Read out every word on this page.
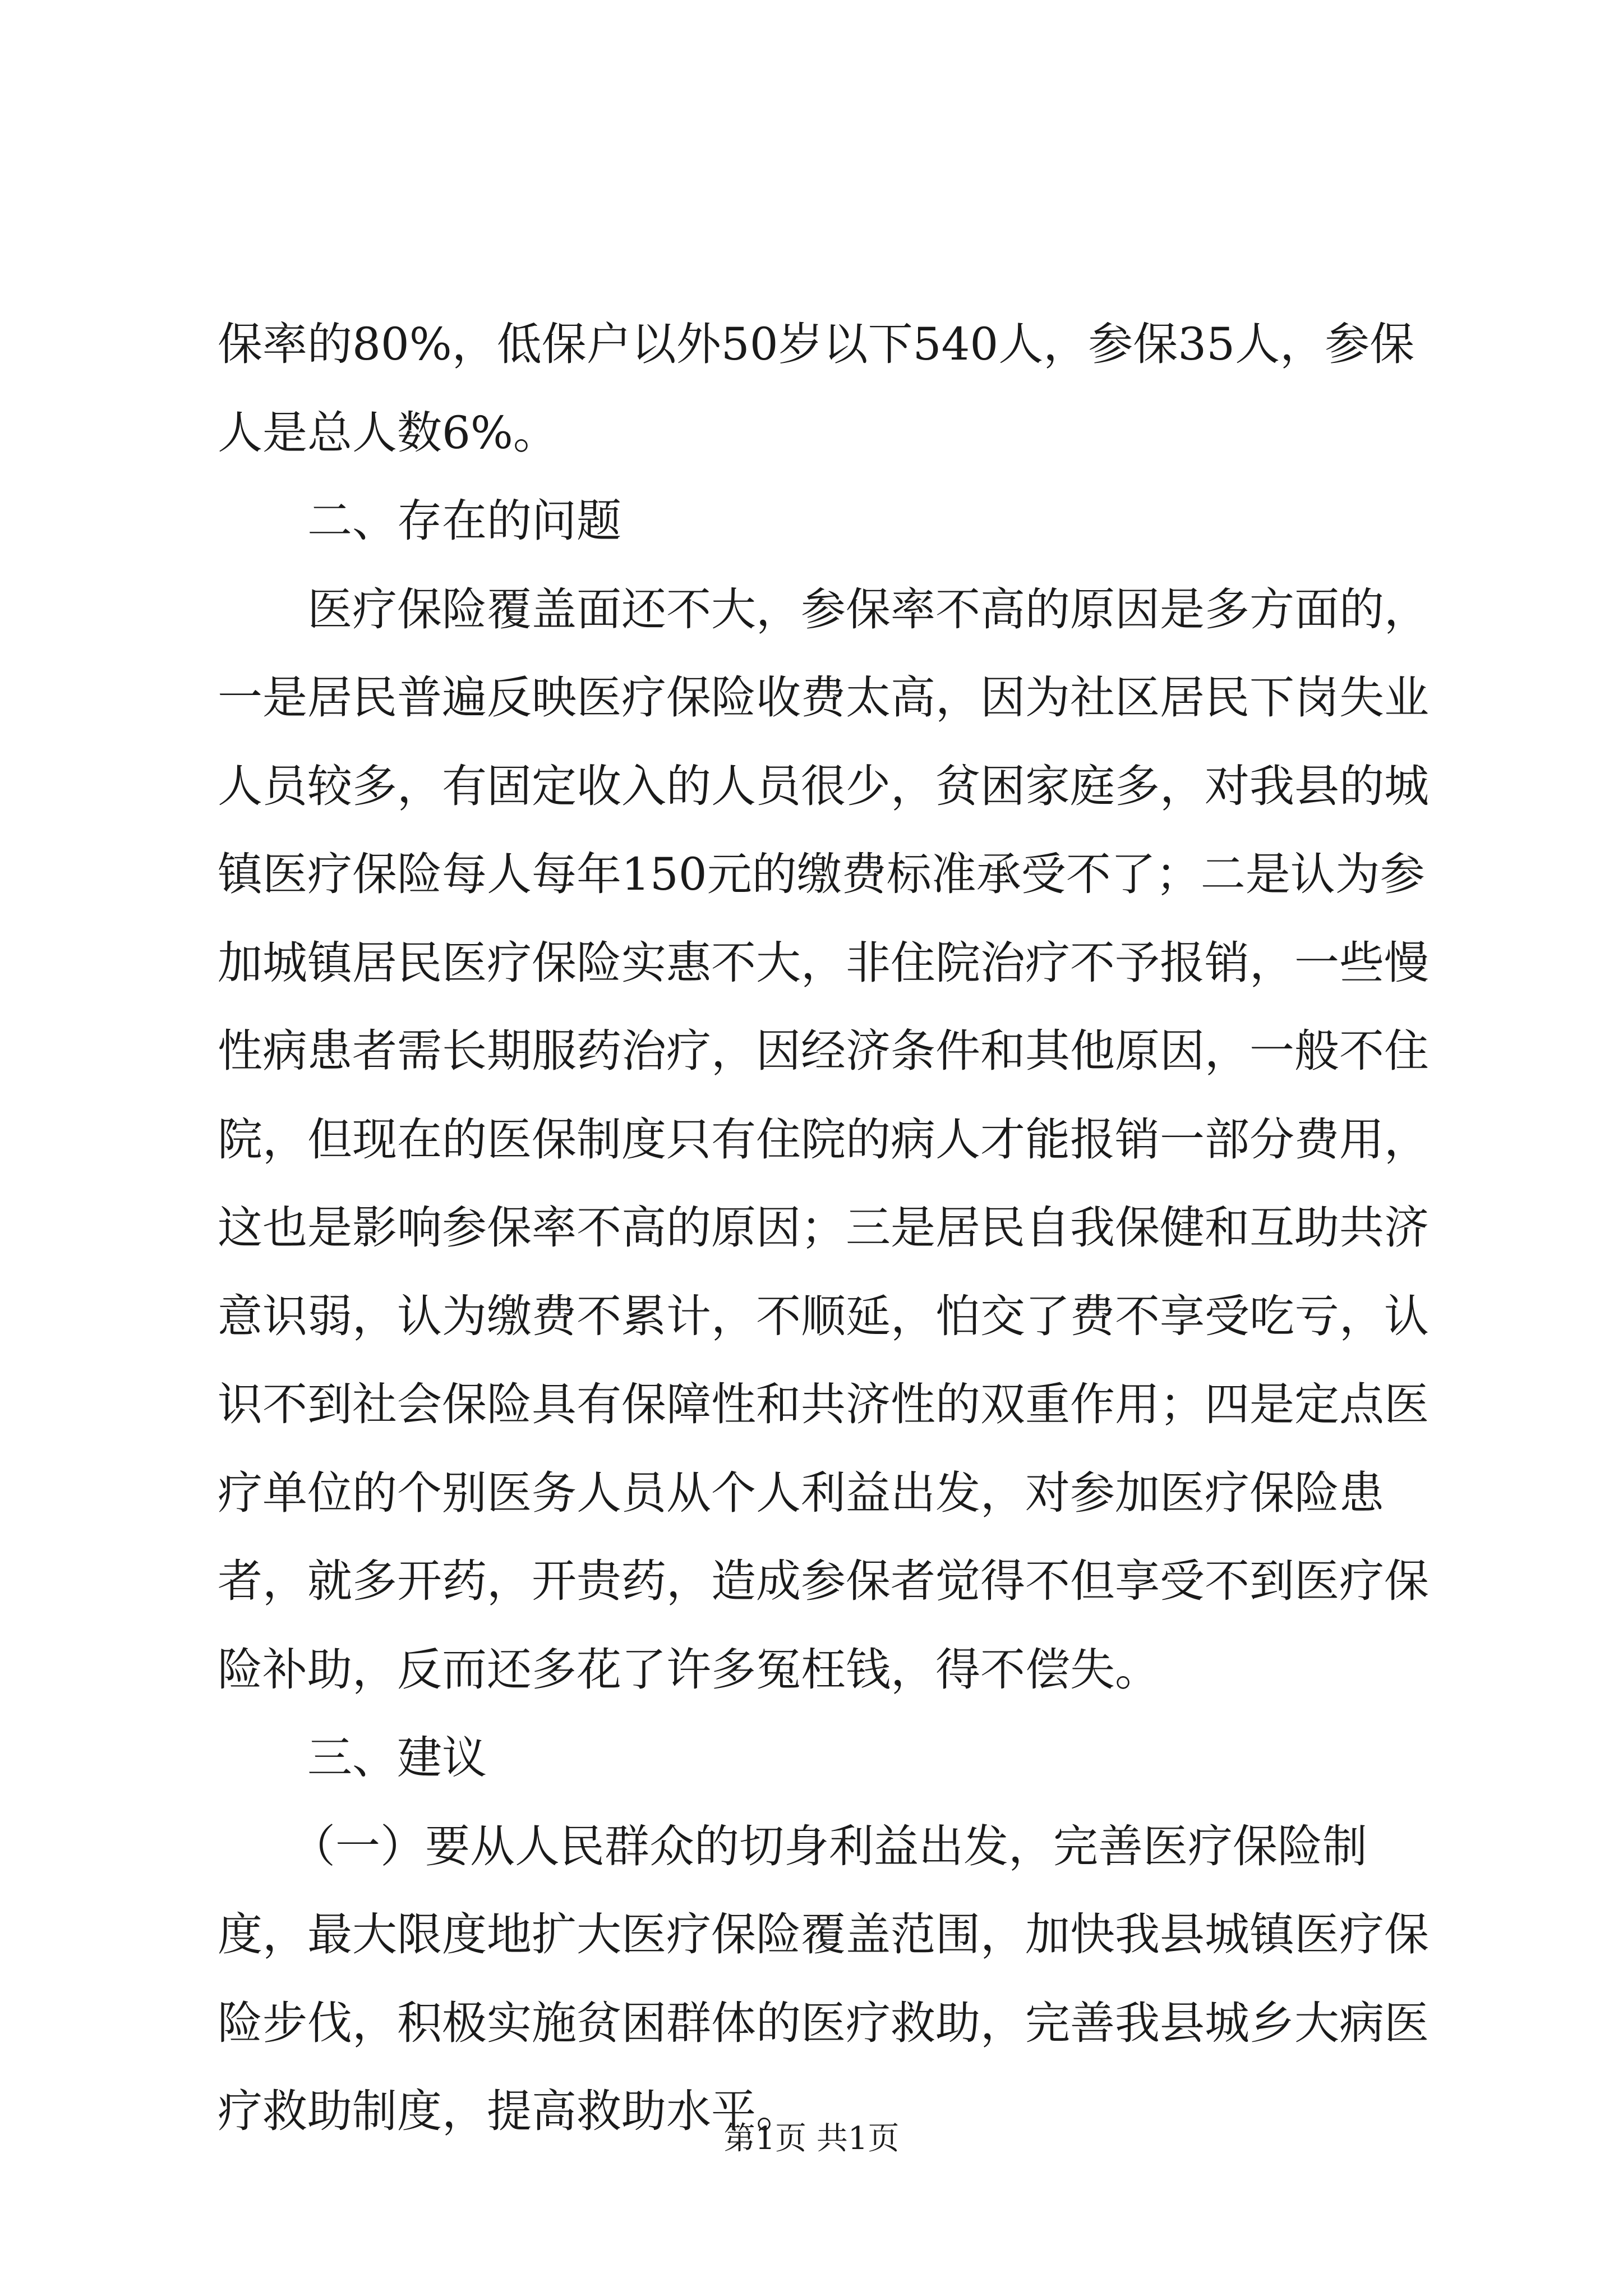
保率的80%，低保户以外50岁以下540人，参保35人，参保人是总人数6%。

二、存在的问题

医疗保险覆盖面还不大，参保率不高的原因是多方面的，一是居民普遍反映医疗保险收费太高，因为社区居民下岗失业人员较多，有固定收入的人员很少，贫困家庭多，对我县的城镇医疗保险每人每年150元的缴费标准承受不了；二是认为参加城镇居民医疗保险实惠不大，非住院治疗不予报销，一些慢性病患者需长期服药治疗，因经济条件和其他原因，一般不住院，但现在的医保制度只有住院的病人才能报销一部分费用，这也是影响参保率不高的原因；三是居民自我保健和互助共济意识弱，认为缴费不累计，不顺延，怕交了费不享受吃亏，认识不到社会保险具有保障性和共济性的双重作用；四是定点医疗单位的个别医务人员从个人利益出发，对参加医疗保险患者，就多开药，开贵药，造成参保者觉得不但享受不到医疗保险补助，反而还多花了许多冤枉钱，得不偿失。

三、建议

（一）要从人民群众的切身利益出发，完善医疗保险制度，最大限度地扩大医疗保险覆盖范围，加快我县城镇医疗保险步伐，积极实施贫困群体的医疗救助，完善我县城乡大病医疗救助制度，提高救助水平。

第1页 共1页
